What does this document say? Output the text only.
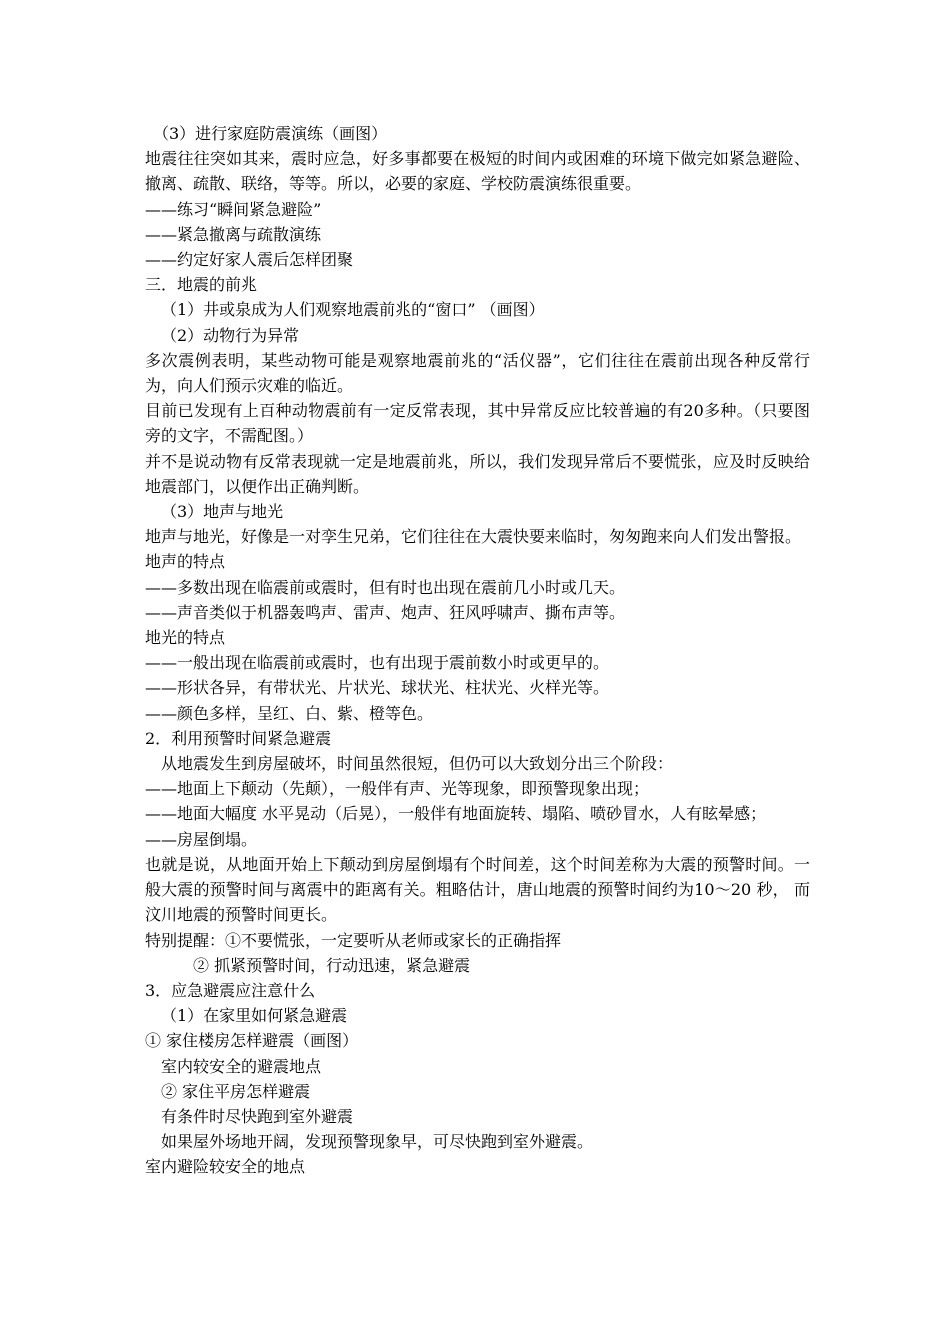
（3）进行家庭防震演练（画图）
地震往往突如其来，震时应急，好多事都要在极短的时间内或困难的环境下做完如紧急避险、撤离、疏散、联络，等等。所以，必要的家庭、学校防震演练很重要。
——练习“瞬间紧急避险”
——紧急撤离与疏散演练
——约定好家人震后怎样团聚
三．地震的前兆
（1）井或泉成为人们观察地震前兆的“窗口” （画图）
（2）动物行为异常
多次震例表明，某些动物可能是观察地震前兆的“活仪器”，它们往往在震前出现各种反常行为，向人们预示灾难的临近。
目前已发现有上百种动物震前有一定反常表现，其中异常反应比较普遍的有20多种。（只要图旁的文字，不需配图。）
并不是说动物有反常表现就一定是地震前兆，所以，我们发现异常后不要慌张，应及时反映给地震部门，以便作出正确判断。
（3）地声与地光
地声与地光，好像是一对孪生兄弟，它们往往在大震快要来临时，匆匆跑来向人们发出警报。
地声的特点
——多数出现在临震前或震时，但有时也出现在震前几小时或几天。
——声音类似于机器轰鸣声、雷声、炮声、狂风呼啸声、撕布声等。
地光的特点
——一般出现在临震前或震时，也有出现于震前数小时或更早的。
——形状各异，有带状光、片状光、球状光、柱状光、火样光等。
——颜色多样，呈红、白、紫、橙等色。
2．利用预警时间紧急避震
从地震发生到房屋破坏，时间虽然很短，但仍可以大致划分出三个阶段：
——地面上下颠动（先颠），一般伴有声、光等现象，即预警现象出现；
——地面大幅度 水平晃动（后晃），一般伴有地面旋转、塌陷、喷砂冒水，人有眩晕感；
——房屋倒塌。
也就是说，从地面开始上下颠动到房屋倒塌有个时间差，这个时间差称为大震的预警时间。一般大震的预警时间与离震中的距离有关。粗略估计，唐山地震的预警时间约为10～20 秒， 而汶川地震的预警时间更长。
特别提醒：①不要慌张，一定要听从老师或家长的正确指挥
② 抓紧预警时间，行动迅速，紧急避震
3．应急避震应注意什么
（1）在家里如何紧急避震
① 家住楼房怎样避震（画图）
室内较安全的避震地点
② 家住平房怎样避震
有条件时尽快跑到室外避震
如果屋外场地开阔，发现预警现象早，可尽快跑到室外避震。
室内避险较安全的地点
